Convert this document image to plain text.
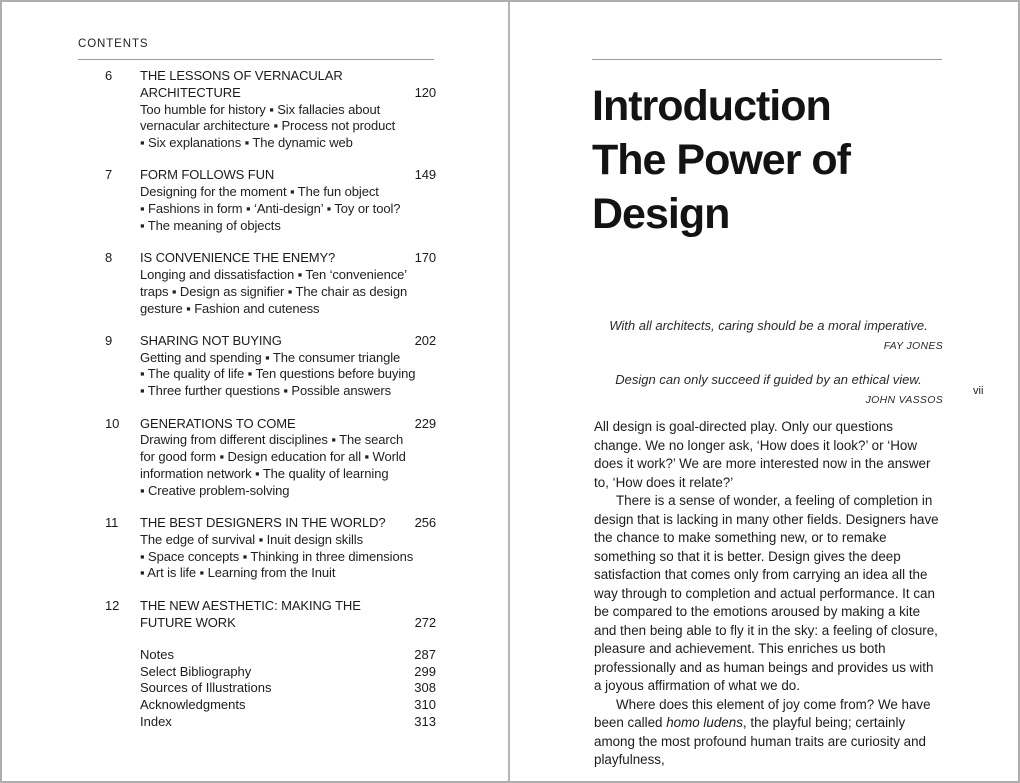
CONTENTS
6	THE LESSONS OF VERNACULAR
ARCHITECTURE	120
Too humble for history ▪ Six fallacies about
vernacular architecture ▪ Process not product
▪ Six explanations ▪ The dynamic web
7	FORM FOLLOWS FUN	149
Designing for the moment ▪ The fun object
▪ Fashions in form ▪ ‘Anti-design’ ▪ Toy or tool?
▪ The meaning of objects
8	IS CONVENIENCE THE ENEMY?	170
Longing and dissatisfaction ▪ Ten ‘convenience’
traps ▪ Design as signifier ▪ The chair as design
gesture ▪ Fashion and cuteness
9	SHARING NOT BUYING	202
Getting and spending ▪ The consumer triangle
▪ The quality of life ▪ Ten questions before buying
▪ Three further questions ▪ Possible answers
10	GENERATIONS TO COME	229
Drawing from different disciplines ▪ The search
for good form ▪ Design education for all ▪ World
information network ▪ The quality of learning
▪ Creative problem-solving
11	THE BEST DESIGNERS IN THE WORLD? 256
The edge of survival ▪ Inuit design skills
▪ Space concepts ▪ Thinking in three dimensions
▪ Art is life ▪ Learning from the Inuit
12	THE NEW AESTHETIC: MAKING THE
FUTURE WORK	272
Notes	287
Select Bibliography	299
Sources of Illustrations	308
Acknowledgments	310
Index	313
Introduction
The Power of
Design
With all architects, caring should be a moral imperative.
FAY JONES
Design can only succeed if guided by an ethical view.
JOHN VASSOS
vii

All design is goal-directed play. Only our questions change. We no longer ask, ‘How does it look?’ or ‘How does it work?’ We are more interested now in the answer to, ‘How does it relate?’

There is a sense of wonder, a feeling of completion in design that is lacking in many other fields. Designers have the chance to make something new, or to remake something so that it is better. Design gives the deep satisfaction that comes only from carrying an idea all the way through to completion and actual performance. It can be compared to the emotions aroused by making a kite and then being able to fly it in the sky: a feeling of closure, pleasure and achievement. This enriches us both professionally and as human beings and provides us with a joyous affirmation of what we do.

Where does this element of joy come from? We have been called homo ludens, the playful being; certainly among the most profound human traits are curiosity and playfulness,
